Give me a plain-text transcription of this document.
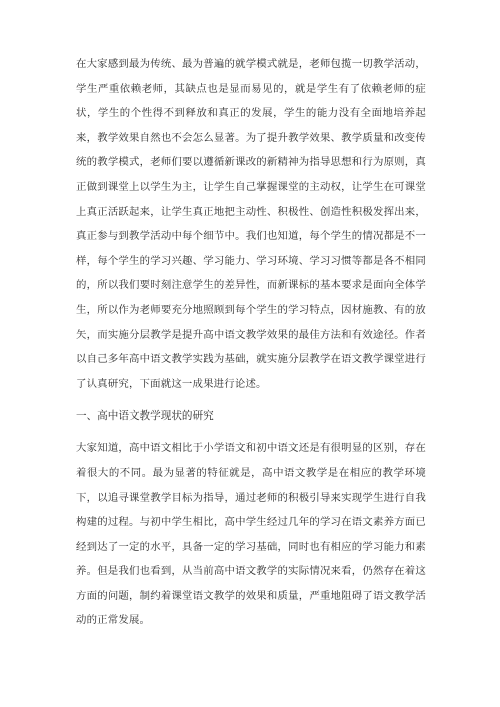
在大家感到最为传统、最为普遍的就学模式就是，老师包揽一切教学活动，学生严重依赖老师，其缺点也是显而易见的，就是学生有了依赖老师的症状，学生的个性得不到释放和真正的发展，学生的能力没有全面地培养起来，教学效果自然也不会怎么显著。为了提升教学效果、教学质量和改变传统的教学模式，老师们要以遵循新课改的新精神为指导思想和行为原则，真正做到课堂上以学生为主，让学生自己掌握课堂的主动权，让学生在可课堂上真正活跃起来，让学生真正地把主动性、积极性、创造性积极发挥出来，真正参与到教学活动中每个细节中。我们也知道，每个学生的情况都是不一样，每个学生的学习兴趣、学习能力、学习环境、学习习惯等都是各不相同的，所以我们要时刻注意学生的差异性，而新课标的基本要求是面向全体学生，所以作为老师要充分地照顾到每个学生的学习特点，因材施教、有的放矢，而实施分层教学是提升高中语文教学效果的最佳方法和有效途径。作者以自己多年高中语文教学实践为基础，就实施分层教学在语文教学课堂进行了认真研究，下面就这一成果进行论述。

一、高中语文教学现状的研究

大家知道，高中语文相比于小学语文和初中语文还是有很明显的区别，存在着很大的不同。最为显著的特征就是，高中语文教学是在相应的教学环境下，以追寻课堂教学目标为指导，通过老师的积极引导来实现学生进行自我构建的过程。与初中学生相比，高中学生经过几年的学习在语文素养方面已经到达了一定的水平，具备一定的学习基础，同时也有相应的学习能力和素养。但是我们也看到，从当前高中语文教学的实际情况来看，仍然存在着这方面的问题，制约着课堂语文教学的效果和质量，严重地阻碍了语文教学活动的正常发展。
